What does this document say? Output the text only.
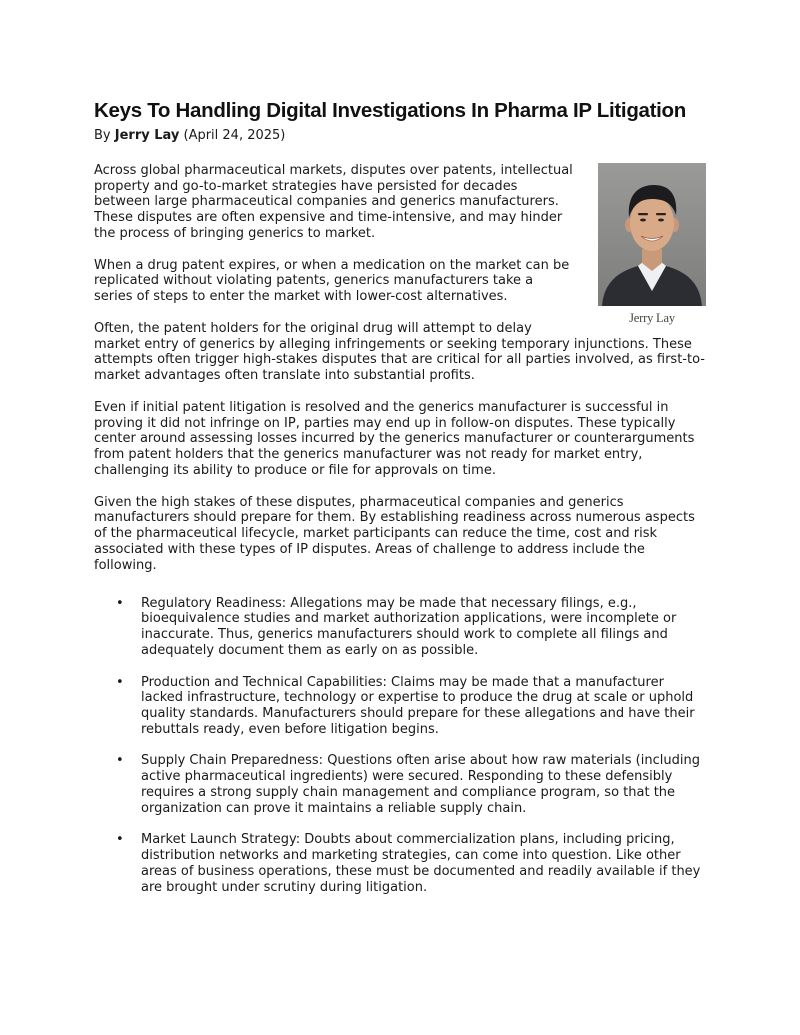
Keys To Handling Digital Investigations In Pharma IP Litigation
By Jerry Lay (April 24, 2025)
Jerry Lay

Across global pharmaceutical markets, disputes over patents, intellectual property and go-to-market strategies have persisted for decades between large pharmaceutical companies and generics manufacturers. These disputes are often expensive and time-intensive, and may hinder the process of bringing generics to market.

When a drug patent expires, or when a medication on the market can be replicated without violating patents, generics manufacturers take a series of steps to enter the market with lower-cost alternatives.

Often, the patent holders for the original drug will attempt to delay market entry of generics by alleging infringements or seeking temporary injunctions. These attempts often trigger high-stakes disputes that are critical for all parties involved, as first-to-market advantages often translate into substantial profits.

Even if initial patent litigation is resolved and the generics manufacturer is successful in proving it did not infringe on IP, parties may end up in follow-on disputes. These typically center around assessing losses incurred by the generics manufacturer or counterarguments from patent holders that the generics manufacturer was not ready for market entry, challenging its ability to produce or file for approvals on time.

Given the high stakes of these disputes, pharmaceutical companies and generics manufacturers should prepare for them. By establishing readiness across numerous aspects of the pharmaceutical lifecycle, market participants can reduce the time, cost and risk associated with these types of IP disputes. Areas of challenge to address include the following.

• Regulatory Readiness: Allegations may be made that necessary filings, e.g., bioequivalence studies and market authorization applications, were incomplete or inaccurate. Thus, generics manufacturers should work to complete all filings and adequately document them as early on as possible.
• Production and Technical Capabilities: Claims may be made that a manufacturer lacked infrastructure, technology or expertise to produce the drug at scale or uphold quality standards. Manufacturers should prepare for these allegations and have their rebuttals ready, even before litigation begins.
• Supply Chain Preparedness: Questions often arise about how raw materials (including active pharmaceutical ingredients) were secured. Responding to these defensibly requires a strong supply chain management and compliance program, so that the organization can prove it maintains a reliable supply chain.
• Market Launch Strategy: Doubts about commercialization plans, including pricing, distribution networks and marketing strategies, can come into question. Like other areas of business operations, these must be documented and readily available if they are brought under scrutiny during litigation.
